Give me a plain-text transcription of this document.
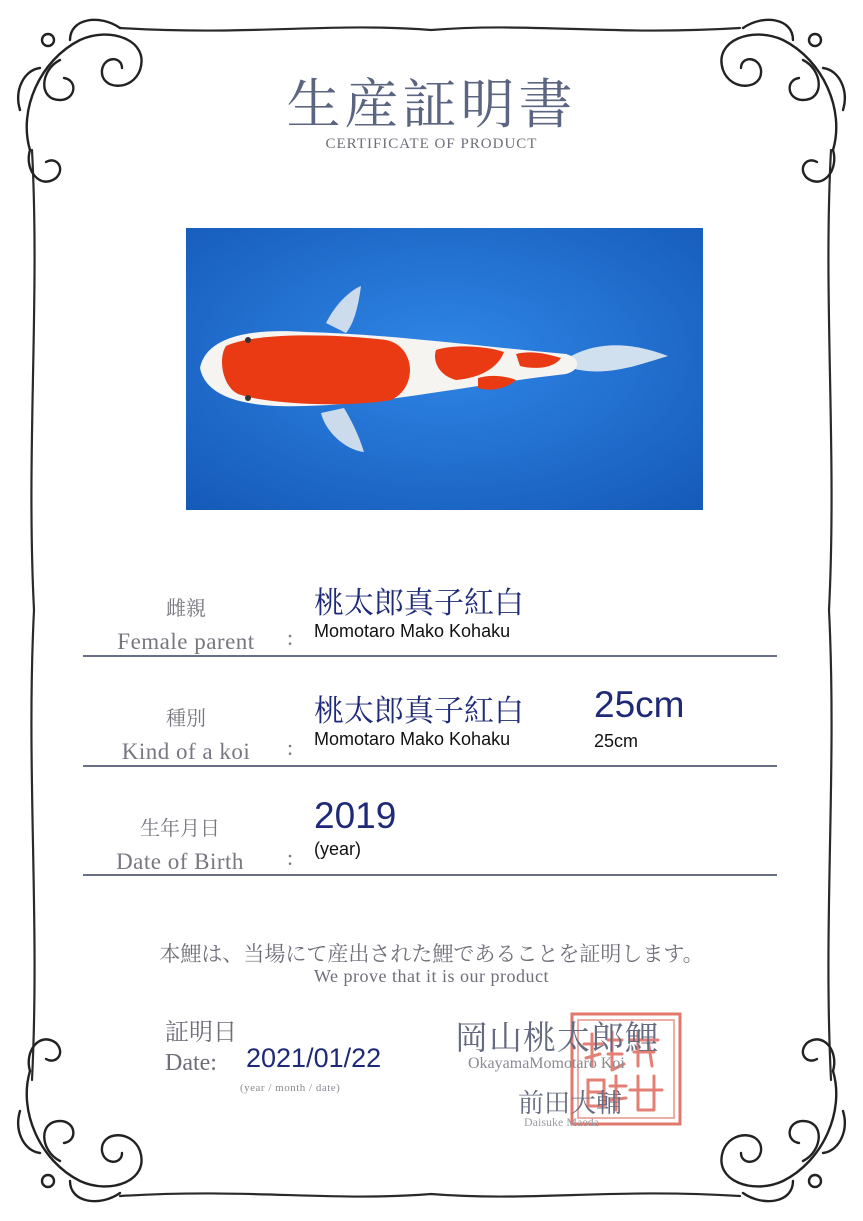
生産証明書
CERTIFICATE OF PRODUCT
雌親
Female parent	:
桃太郎真子紅白
Momotaro Mako Kohaku
種別
Kind of a koi	:
桃太郎真子紅白
Momotaro Mako Kohaku
25cm
25cm
生年月日
Date of Birth	:
2019
(year)
本鯉は、当場にて産出された鯉であることを証明します。
We prove that it is our product
証明日
Date: 2021/01/22
(year / month / date)
岡山桃太郎鯉
OkayamaMomotaro Koi
前田大輔
Daisuke Maeda
